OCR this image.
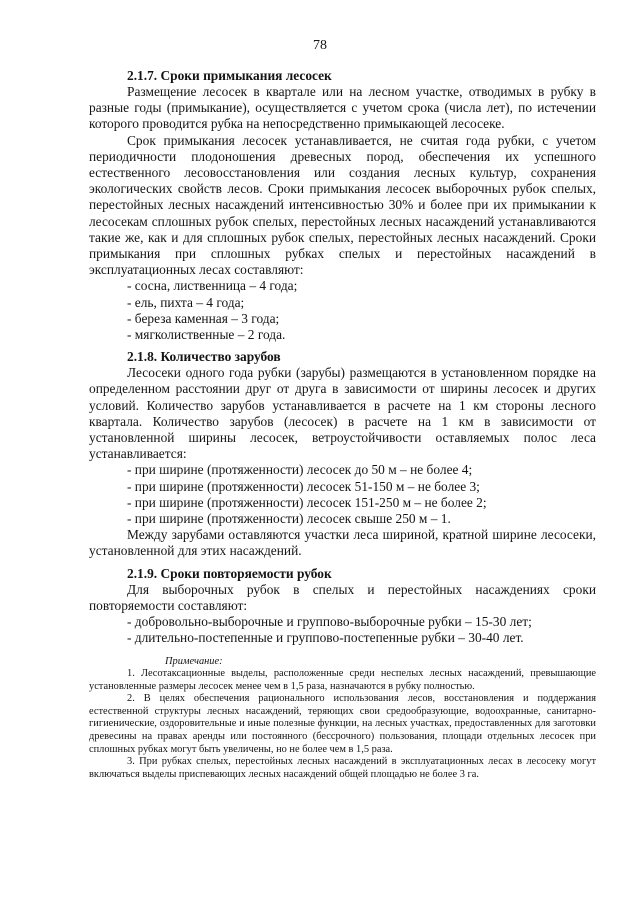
78
2.1.7. Сроки примыкания лесосек

Размещение лесосек в квартале или на лесном участке, отводимых в рубку в разные годы (примыкание), осуществляется с учетом срока (числа лет), по истечении которого проводится рубка на непосредственно примыкающей лесосеке.

Срок примыкания лесосек устанавливается, не считая года рубки, с учетом периодичности плодоношения древесных пород, обеспечения их успешного естественного лесовосстановления или создания лесных культур, сохранения экологических свойств лесов. Сроки примыкания лесосек выборочных рубок спелых, перестойных лесных насаждений интенсивностью 30% и более при их примыкании к лесосекам сплошных рубок спелых, перестойных лесных насаждений устанавливаются такие же, как и для сплошных рубок спелых, перестойных лесных насаждений. Сроки примыкания при сплошных рубках спелых и перестойных насаждений в эксплуатационных лесах составляют:

- сосна, лиственница – 4 года;
- ель, пихта – 4 года;
- береза каменная – 3 года;
- мягколиственные – 2 года.
2.1.8. Количество зарубов

Лесосеки одного года рубки (зарубы) размещаются в установленном порядке на определенном расстоянии друг от друга в зависимости от ширины лесосек и других условий. Количество зарубов устанавливается в расчете на 1 км стороны лесного квартала. Количество зарубов (лесосек) в расчете на 1 км в зависимости от установленной ширины лесосек, ветроустойчивости оставляемых полос леса устанавливается:

- при ширине (протяженности) лесосек до 50 м – не более 4;
- при ширине (протяженности) лесосек 51-150 м – не более 3;
- при ширине (протяженности) лесосек 151-250 м – не более 2;
- при ширине (протяженности) лесосек свыше 250 м – 1.

Между зарубами оставляются участки леса шириной, кратной ширине лесосеки, установленной для этих насаждений.

2.1.9. Сроки повторяемости рубок

Для выборочных рубок в спелых и перестойных насаждениях сроки повторяемости составляют:

- добровольно-выборочные и группово-выборочные рубки – 15-30 лет;
- длительно-постепенные и группово-постепенные рубки – 30-40 лет.

Примечание:

1. Лесотаксационные выделы, расположенные среди неспелых лесных насаждений, превышающие установленные размеры лесосек менее чем в 1,5 раза, назначаются в рубку полностью.

2. В целях обеспечения рационального использования лесов, восстановления и поддержания естественной структуры лесных насаждений, теряющих свои средообразующие, водоохранные, санитарно-гигиенические, оздоровительные и иные полезные функции, на лесных участках, предоставленных для заготовки древесины на правах аренды или постоянного (бессрочного) пользования, площади отдельных лесосек при сплошных рубках могут быть увеличены, но не более чем в 1,5 раза.

3. При рубках спелых, перестойных лесных насаждений в эксплуатационных лесах в лесосеку могут включаться выделы приспевающих лесных насаждений общей площадью не более 3 га.
